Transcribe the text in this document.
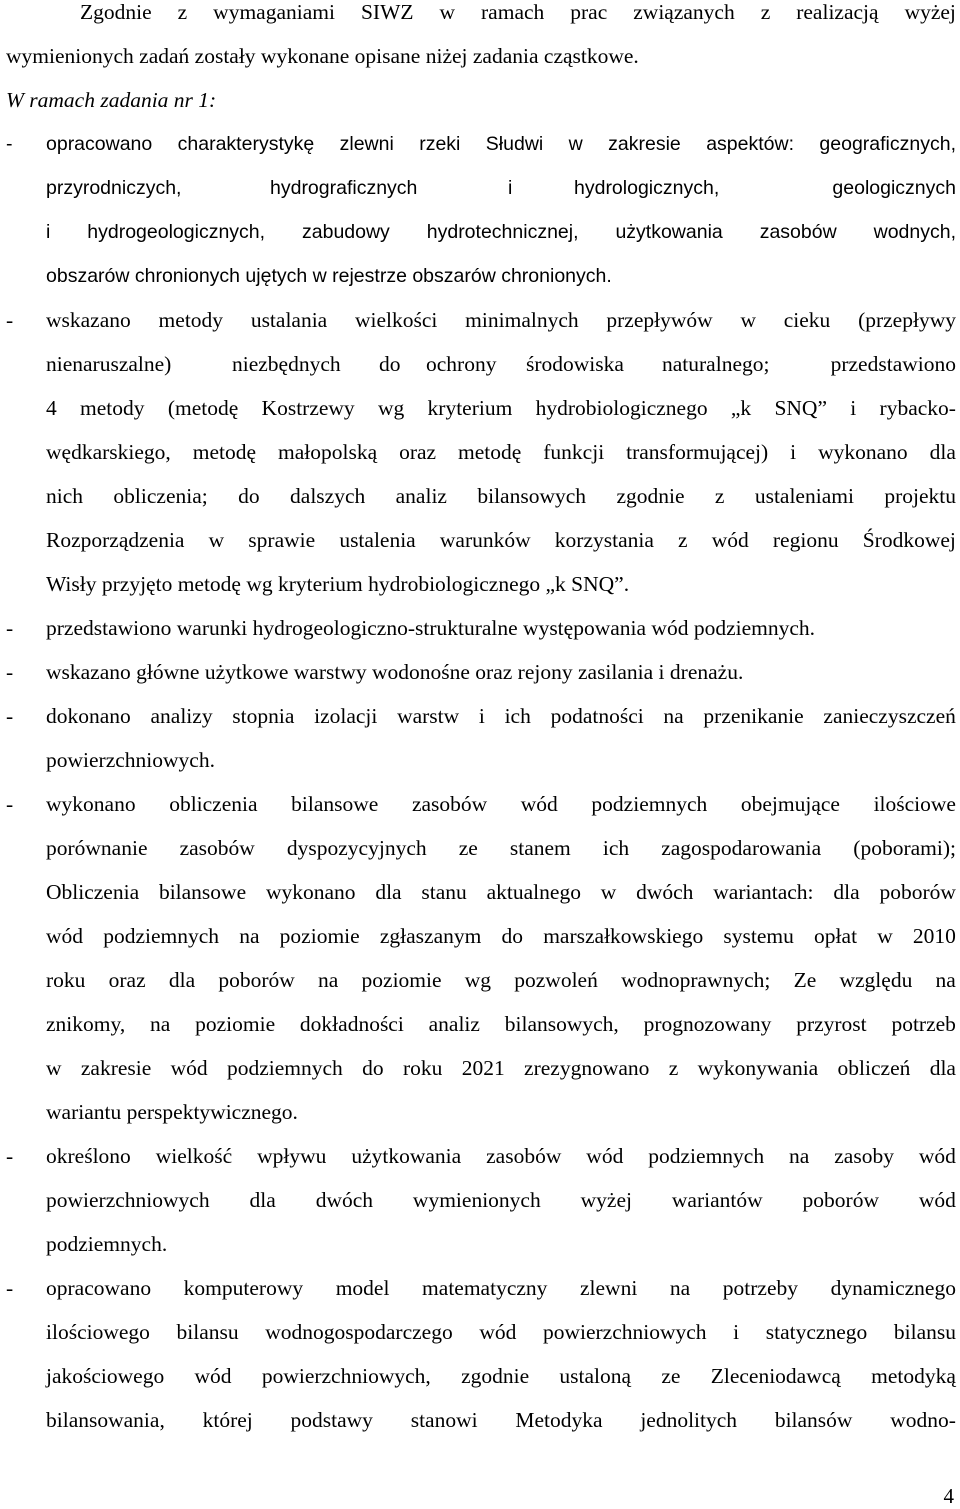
Zgodnie z wymaganiami SIWZ w ramach prac związanych z realizacją wyżej
wymienionych zadań zostały wykonane opisane niżej zadania cząstkowe.
W ramach zadania nr 1:
- opracowano charakterystykę zlewni rzeki Słudwi w zakresie aspektów: geograficznych,
przyrodniczych,	hydrograficznych	i	hydrologicznych,	geologicznych
i hydrogeologicznych, zabudowy hydrotechnicznej, użytkowania zasobów wodnych,
obszarów chronionych ujętych w rejestrze obszarów chronionych.
- wskazano metody ustalania wielkości minimalnych przepływów w cieku (przepływy
nienaruszalne)	niezbędnych do ochrony środowiska naturalnego;	przedstawiono
4 metody (metodę Kostrzewy wg kryterium hydrobiologicznego „k SNQ” i rybacko-
wędkarskiego, metodę małopolską oraz metodę funkcji transformującej) i wykonano dla
nich obliczenia; do dalszych analiz bilansowych zgodnie z ustaleniami projektu
Rozporządzenia w sprawie ustalenia warunków korzystania z wód regionu Środkowej
Wisły przyjęto metodę wg kryterium hydrobiologicznego „k SNQ”.
- przedstawiono warunki hydrogeologiczno-strukturalne występowania wód podziemnych.
- wskazano główne użytkowe warstwy wodonośne oraz rejony zasilania i drenażu.
- dokonano analizy stopnia izolacji warstw i ich podatności na przenikanie zanieczyszczeń
powierzchniowych.
- wykonano obliczenia bilansowe zasobów wód podziemnych obejmujące ilościowe
porównanie zasobów dyspozycyjnych ze stanem ich zagospodarowania (poborami);
Obliczenia bilansowe wykonano dla stanu aktualnego w dwóch wariantach: dla poborów
wód podziemnych na poziomie zgłaszanym do marszałkowskiego systemu opłat w 2010
roku oraz dla poborów na poziomie wg pozwoleń wodnoprawnych; Ze względu na
znikomy, na poziomie dokładności analiz bilansowych, prognozowany przyrost potrzeb
w zakresie wód podziemnych do roku 2021 zrezygnowano z wykonywania obliczeń dla
wariantu perspektywicznego.
- określono wielkość wpływu użytkowania zasobów wód podziemnych na zasoby wód
powierzchniowych dla dwóch wymienionych wyżej wariantów poborów wód
podziemnych.
- opracowano komputerowy model matematyczny zlewni na potrzeby dynamicznego
ilościowego bilansu wodnogospodarczego wód powierzchniowych i statycznego bilansu
jakościowego wód powierzchniowych, zgodnie ustaloną ze Zleceniodawcą metodyką
bilansowania, której podstawy stanowi Metodyka jednolitych bilansów wodno-
4
